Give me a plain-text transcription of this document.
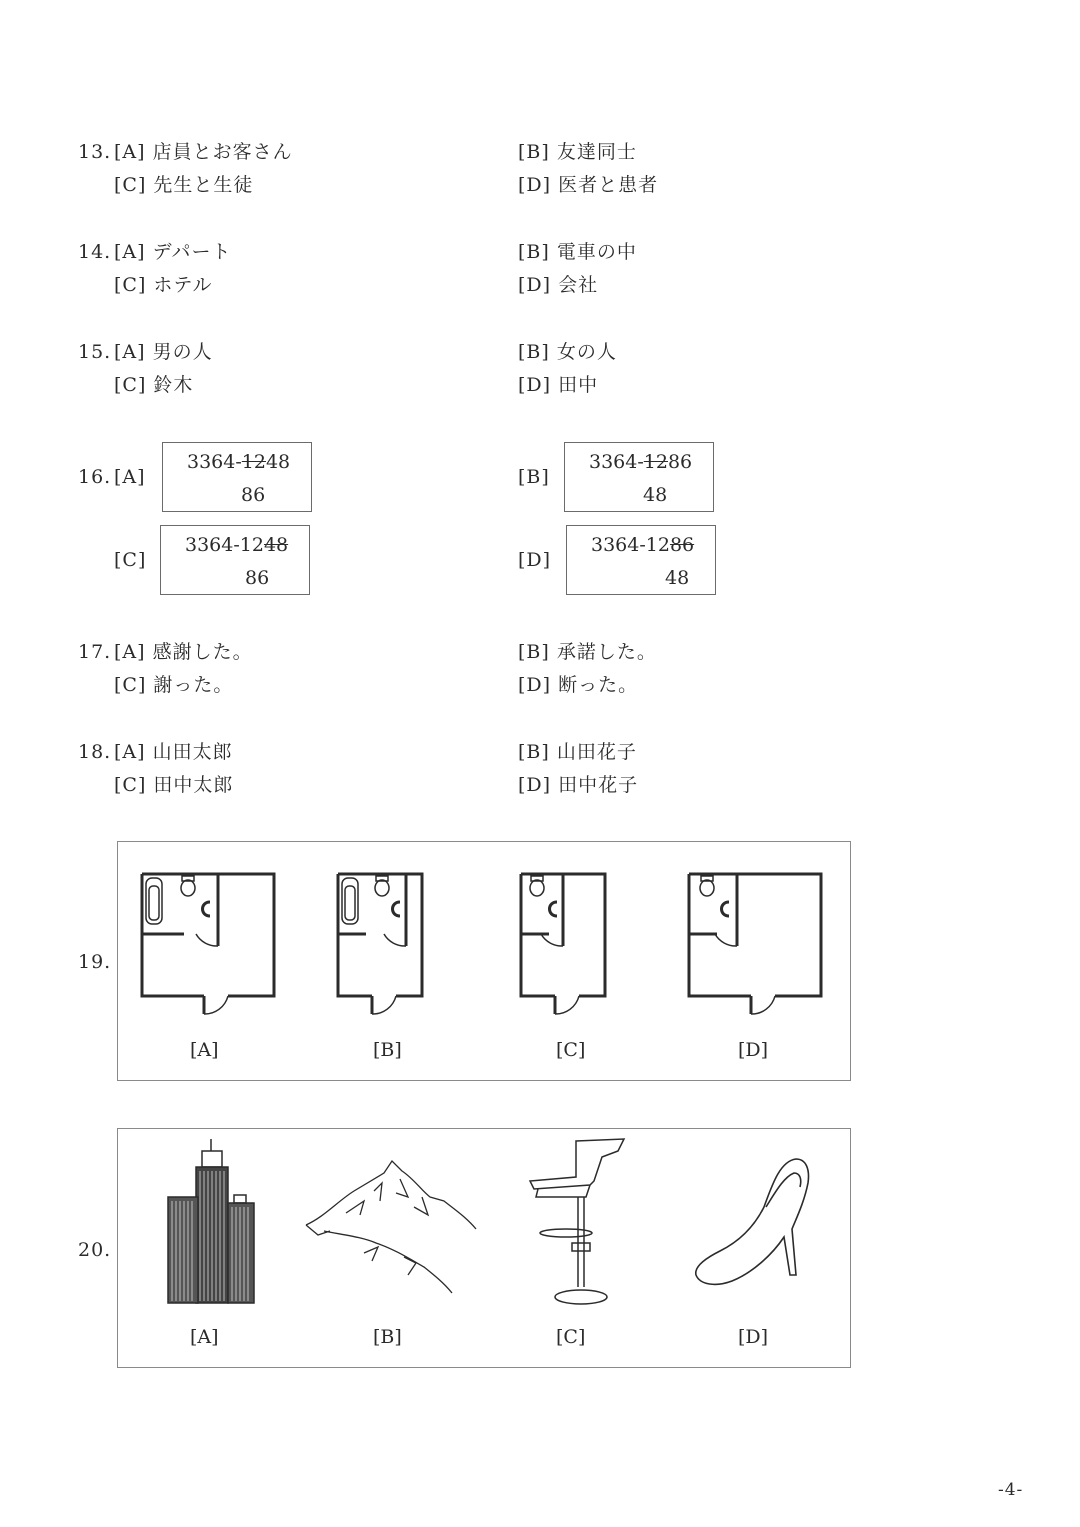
13. [A] 店員とお客さん	[B] 友達同士
[C] 先生と生徒	[D] 医者と患者
14. [A] デパート	[B] 電車の中
[C] ホテル	[D] 会社
15. [A] 男の人	[B] 女の人
[C] 鈴木	[D] 田中
16. [A]
3364-1248
86
[B]
3364-1286
48
[C]
3364-1248
86
[D]
3364-1286
48
17. [A] 感謝した。	[B] 承諾した。
[C] 謝った。	[D] 断った。
18. [A] 山田太郎	[B] 山田花子
[C] 田中太郎	[D] 田中花子
19.
[A]	[B]	[C]	[D]
20.
[A]	[B]	[C]	[D]
-4-
